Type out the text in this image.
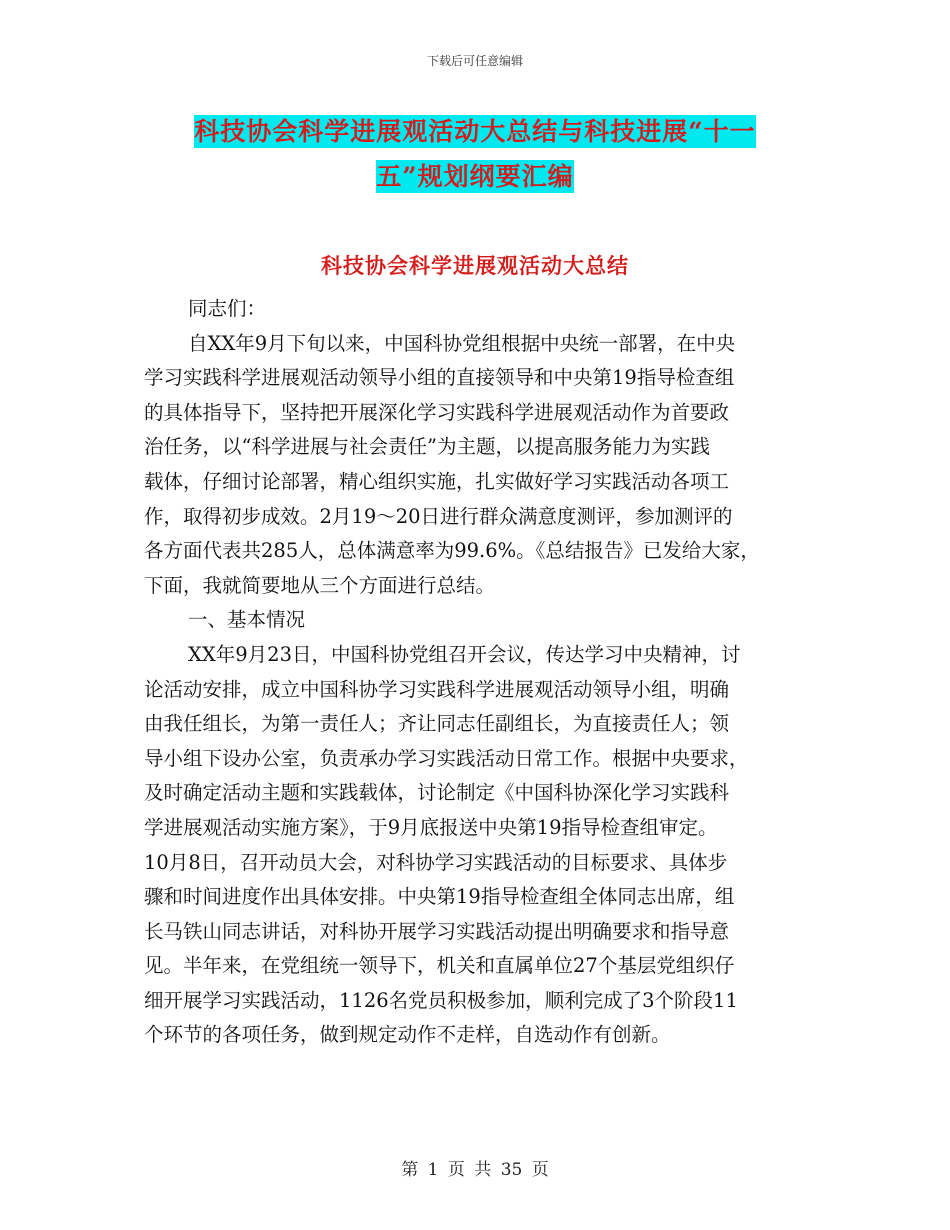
下载后可任意编辑
科技协会科学进展观活动大总结与科技进展“十一
五”规划纲要汇编
科技协会科学进展观活动大总结
同志们：
自XX年9月下旬以来，中国科协党组根据中央统一部署，在中央
学习实践科学进展观活动领导小组的直接领导和中央第19指导检查组
的具体指导下，坚持把开展深化学习实践科学进展观活动作为首要政
治任务，以“科学进展与社会责任”为主题，以提高服务能力为实践
载体，仔细讨论部署，精心组织实施，扎实做好学习实践活动各项工
作，取得初步成效。2月19～20日进行群众满意度测评，参加测评的
各方面代表共285人，总体满意率为99.6%。《总结报告》已发给大家，
下面，我就简要地从三个方面进行总结。
一、基本情况
XX年9月23日，中国科协党组召开会议，传达学习中央精神，讨
论活动安排，成立中国科协学习实践科学进展观活动领导小组，明确
由我任组长，为第一责任人；齐让同志任副组长，为直接责任人；领
导小组下设办公室，负责承办学习实践活动日常工作。根据中央要求，
及时确定活动主题和实践载体，讨论制定《中国科协深化学习实践科
学进展观活动实施方案》，于9月底报送中央第19指导检查组审定。
10月8日，召开动员大会，对科协学习实践活动的目标要求、具体步
骤和时间进度作出具体安排。中央第19指导检查组全体同志出席，组
长马铁山同志讲话，对科协开展学习实践活动提出明确要求和指导意
见。半年来，在党组统一领导下，机关和直属单位27个基层党组织仔
细开展学习实践活动，1126名党员积极参加，顺利完成了3个阶段11
个环节的各项任务，做到规定动作不走样，自选动作有创新。
第 1 页 共 35 页
